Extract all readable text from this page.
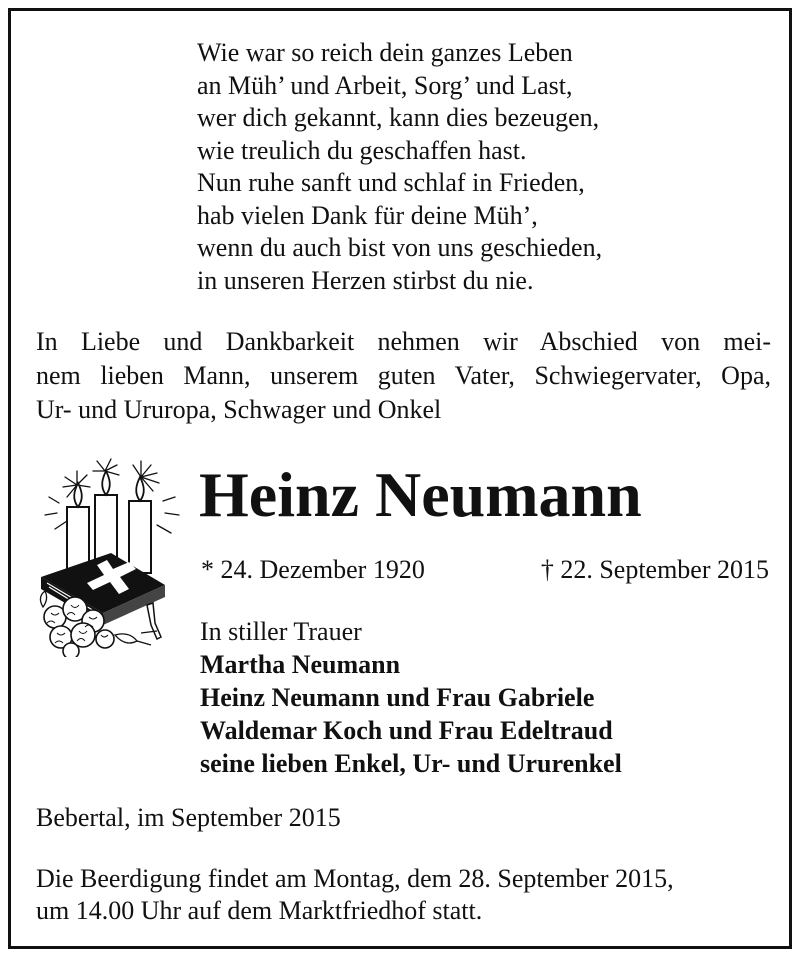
Wie war so reich dein ganzes Leben
an Müh’ und Arbeit, Sorg’ und Last,
wer dich gekannt, kann dies bezeugen,
wie treulich du geschaffen hast.
Nun ruhe sanft und schlaf in Frieden,
hab vielen Dank für deine Müh’,
wenn du auch bist von uns geschieden,
in unseren Herzen stirbst du nie.
In Liebe und Dankbarkeit nehmen wir Abschied von mei-
nem lieben Mann, unserem guten Vater, Schwiegervater, Opa,
Ur- und Ururopa, Schwager und Onkel
Heinz Neumann
* 24. Dezember 1920	† 22. September 2015
In stiller Trauer
Martha Neumann
Heinz Neumann und Frau Gabriele
Waldemar Koch und Frau Edeltraud
seine lieben Enkel, Ur- und Ururenkel
Bebertal, im September 2015
Die Beerdigung findet am Montag, dem 28. September 2015,
um 14.00 Uhr auf dem Marktfriedhof statt.
